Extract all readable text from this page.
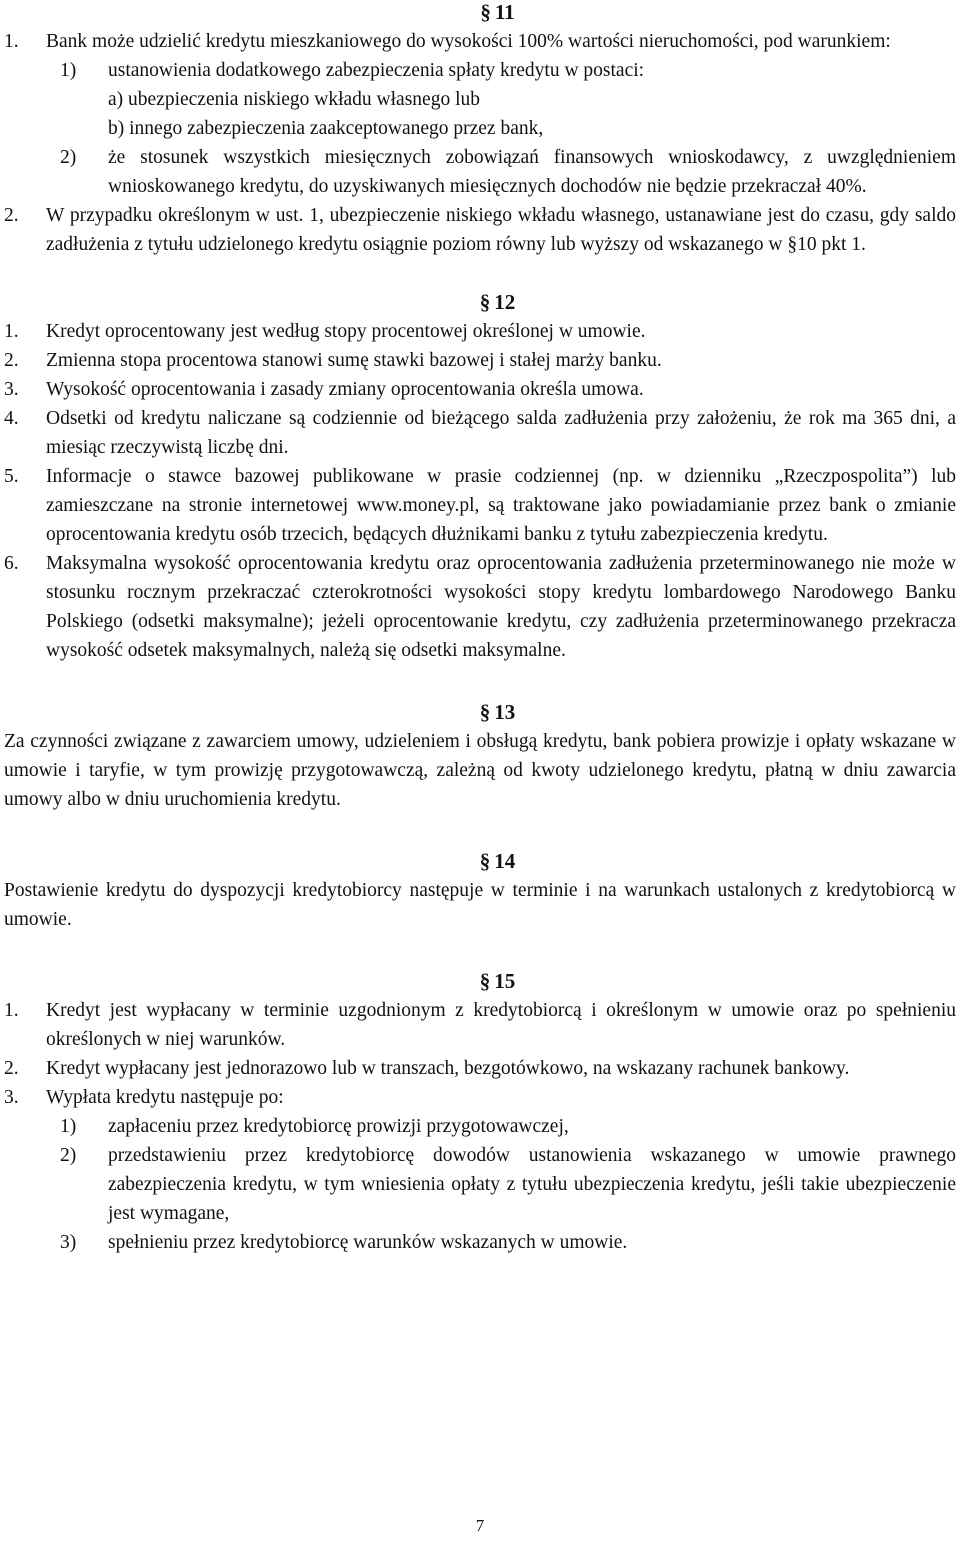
§ 11
1.	Bank może udzielić kredytu mieszkaniowego do wysokości 100% wartości nieruchomości, pod warunkiem:
1) ustanowienia dodatkowego zabezpieczenia spłaty kredytu w postaci:
a) ubezpieczenia niskiego wkładu własnego lub
b) innego zabezpieczenia zaakceptowanego przez bank,
2) że stosunek wszystkich miesięcznych zobowiązań finansowych wnioskodawcy, z uwzględnieniem wnioskowanego kredytu, do uzyskiwanych miesięcznych dochodów nie będzie przekraczał 40%.
2. W przypadku określonym w ust. 1, ubezpieczenie niskiego wkładu własnego, ustanawiane jest do czasu, gdy saldo zadłużenia z tytułu udzielonego kredytu osiągnie poziom równy lub wyższy od wskazanego w §10 pkt 1.
§ 12
1. Kredyt oprocentowany jest według stopy procentowej określonej w umowie.
2. Zmienna stopa procentowa stanowi sumę stawki bazowej i stałej marży banku.
3. Wysokość oprocentowania i zasady zmiany oprocentowania określa umowa.
4. Odsetki od kredytu naliczane są codziennie od bieżącego salda zadłużenia przy założeniu, że rok ma 365 dni, a miesiąc rzeczywistą liczbę dni.
5. Informacje o stawce bazowej publikowane w prasie codziennej (np. w dzienniku „Rzeczpospolita”) lub zamieszczane na stronie internetowej www.money.pl, są traktowane jako powiadamianie przez bank o zmianie oprocentowania kredytu osób trzecich, będących dłużnikami banku z tytułu zabezpieczenia kredytu.
6. Maksymalna wysokość oprocentowania kredytu oraz oprocentowania zadłużenia przeterminowanego nie może w stosunku rocznym przekraczać czterokrotności wysokości stopy kredytu lombardowego Narodowego Banku Polskiego (odsetki maksymalne); jeżeli oprocentowanie kredytu, czy zadłużenia przeterminowanego przekracza wysokość odsetek maksymalnych, należą się odsetki maksymalne.
§ 13
Za czynności związane z zawarciem umowy, udzieleniem i obsługą kredytu, bank pobiera prowizje i opłaty wskazane w umowie i taryfie, w tym prowizję przygotowawczą, zależną od kwoty udzielonego kredytu, płatną w dniu zawarcia umowy albo w dniu uruchomienia kredytu.
§ 14
Postawienie kredytu do dyspozycji kredytobiorcy następuje w terminie i na warunkach ustalonych z kredytobiorcą w umowie.
§ 15
1. Kredyt jest wypłacany w terminie uzgodnionym z kredytobiorcą i określonym w umowie oraz po spełnieniu określonych w niej warunków.
2. Kredyt wypłacany jest jednorazowo lub w transzach, bezgotówkowo, na wskazany rachunek bankowy.
3. Wypłata kredytu następuje po:
1) zapłaceniu przez kredytobiorcę prowizji przygotowawczej,
2) przedstawieniu przez kredytobiorcę dowodów ustanowienia wskazanego w umowie prawnego zabezpieczenia kredytu, w tym wniesienia opłaty z tytułu ubezpieczenia kredytu, jeśli takie ubezpieczenie jest wymagane,
3) spełnieniu przez kredytobiorcę warunków wskazanych w umowie.
7
